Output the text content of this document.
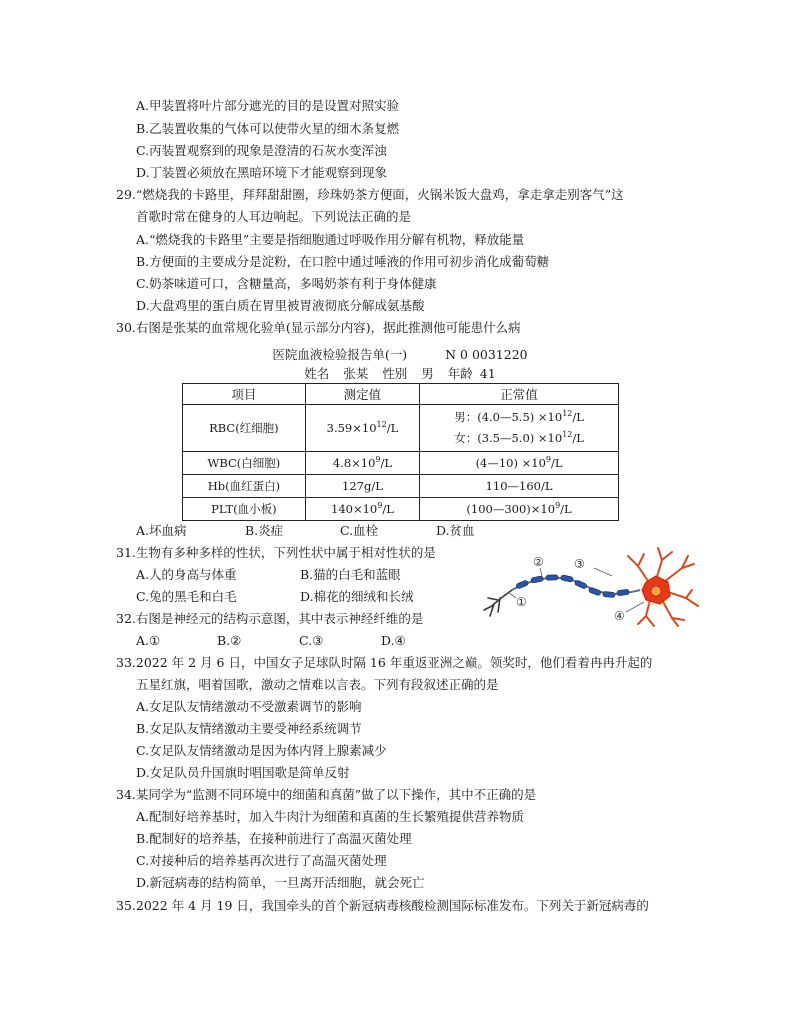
A.甲装置将叶片部分遮光的目的是设置对照实验
B.乙装置收集的气体可以使带火星的细木条复燃
C.丙装置观察到的现象是澄清的石灰水变浑浊
D.丁装置必须放在黑暗环境下才能观察到现象
29.“燃烧我的卡路里，拜拜甜甜圈，珍珠奶茶方便面，火锅米饭大盘鸡，拿走拿走别客气”这
首歌时常在健身的人耳边响起。下列说法正确的是
A.“燃烧我的卡路里”主要是指细胞通过呼吸作用分解有机物，释放能量
B.方便面的主要成分是淀粉，在口腔中通过唾液的作用可初步消化成葡萄糖
C.奶茶味道可口，含糖量高，多喝奶茶有利于身体健康
D.大盘鸡里的蛋白质在胃里被胃液彻底分解成氨基酸
30.右图是张某的血常规化验单(显示部分内容)，据此推测他可能患什么病
医院血液检验报告单(一)	N 0 0031220
姓名 张某 性别 男 年龄 41
项目	测定值	正常值
RBC(红细胞)	$3.59\times 10^{12}/L$	男：(4.0—5.5) $\times 10^{12}/L$
女：(3.5—5.0) $\times 10^{12}/L$

WBC(白细胞)	$4.8\times 10^9/L$	(4—10) $\times 10^9/L$
Hb(血红蛋白)	127g/L	110—160/L
PLT(血小板)	$140\times 10^9/L$	$(100—300)\times 10^9/L$
A.坏血病	B.炎症	C.血栓	D.贫血
31.生物有多种多样的性状，下列性状中属于相对性状的是
A.人的身高与体重	B.猫的白毛和蓝眼
C.兔的黑毛和白毛	D.棉花的细绒和长绒
32.右图是神经元的结构示意图，其中表示神经纤维的是
A.①	B.②	C.③	D.④
①
②	③
④
33.2022 年 2 月 6 日，中国女子足球队时隔 16 年重返亚洲之巅。领奖时，他们看着冉冉升起的
五星红旗，唱着国歌，激动之情难以言表。下列有段叙述正确的是
A.女足队友情绪激动不受激素调节的影响
B.女足队友情绪激动主要受神经系统调节
C.女足队友情绪激动是因为体内肾上腺素减少
D.女足队员升国旗时唱国歌是简单反射
34.某同学为“监测不同环境中的细菌和真菌”做了以下操作，其中不正确的是
A.配制好培养基时，加入牛肉汁为细菌和真菌的生长繁殖提供营养物质
B.配制好的培养基，在接种前进行了高温灭菌处理
C.对接种后的培养基再次进行了高温灭菌处理
D.新冠病毒的结构简单，一旦离开活细胞，就会死亡
35.2022 年 4 月 19 日，我国牵头的首个新冠病毒核酸检测国际标准发布。下列关于新冠病毒的
